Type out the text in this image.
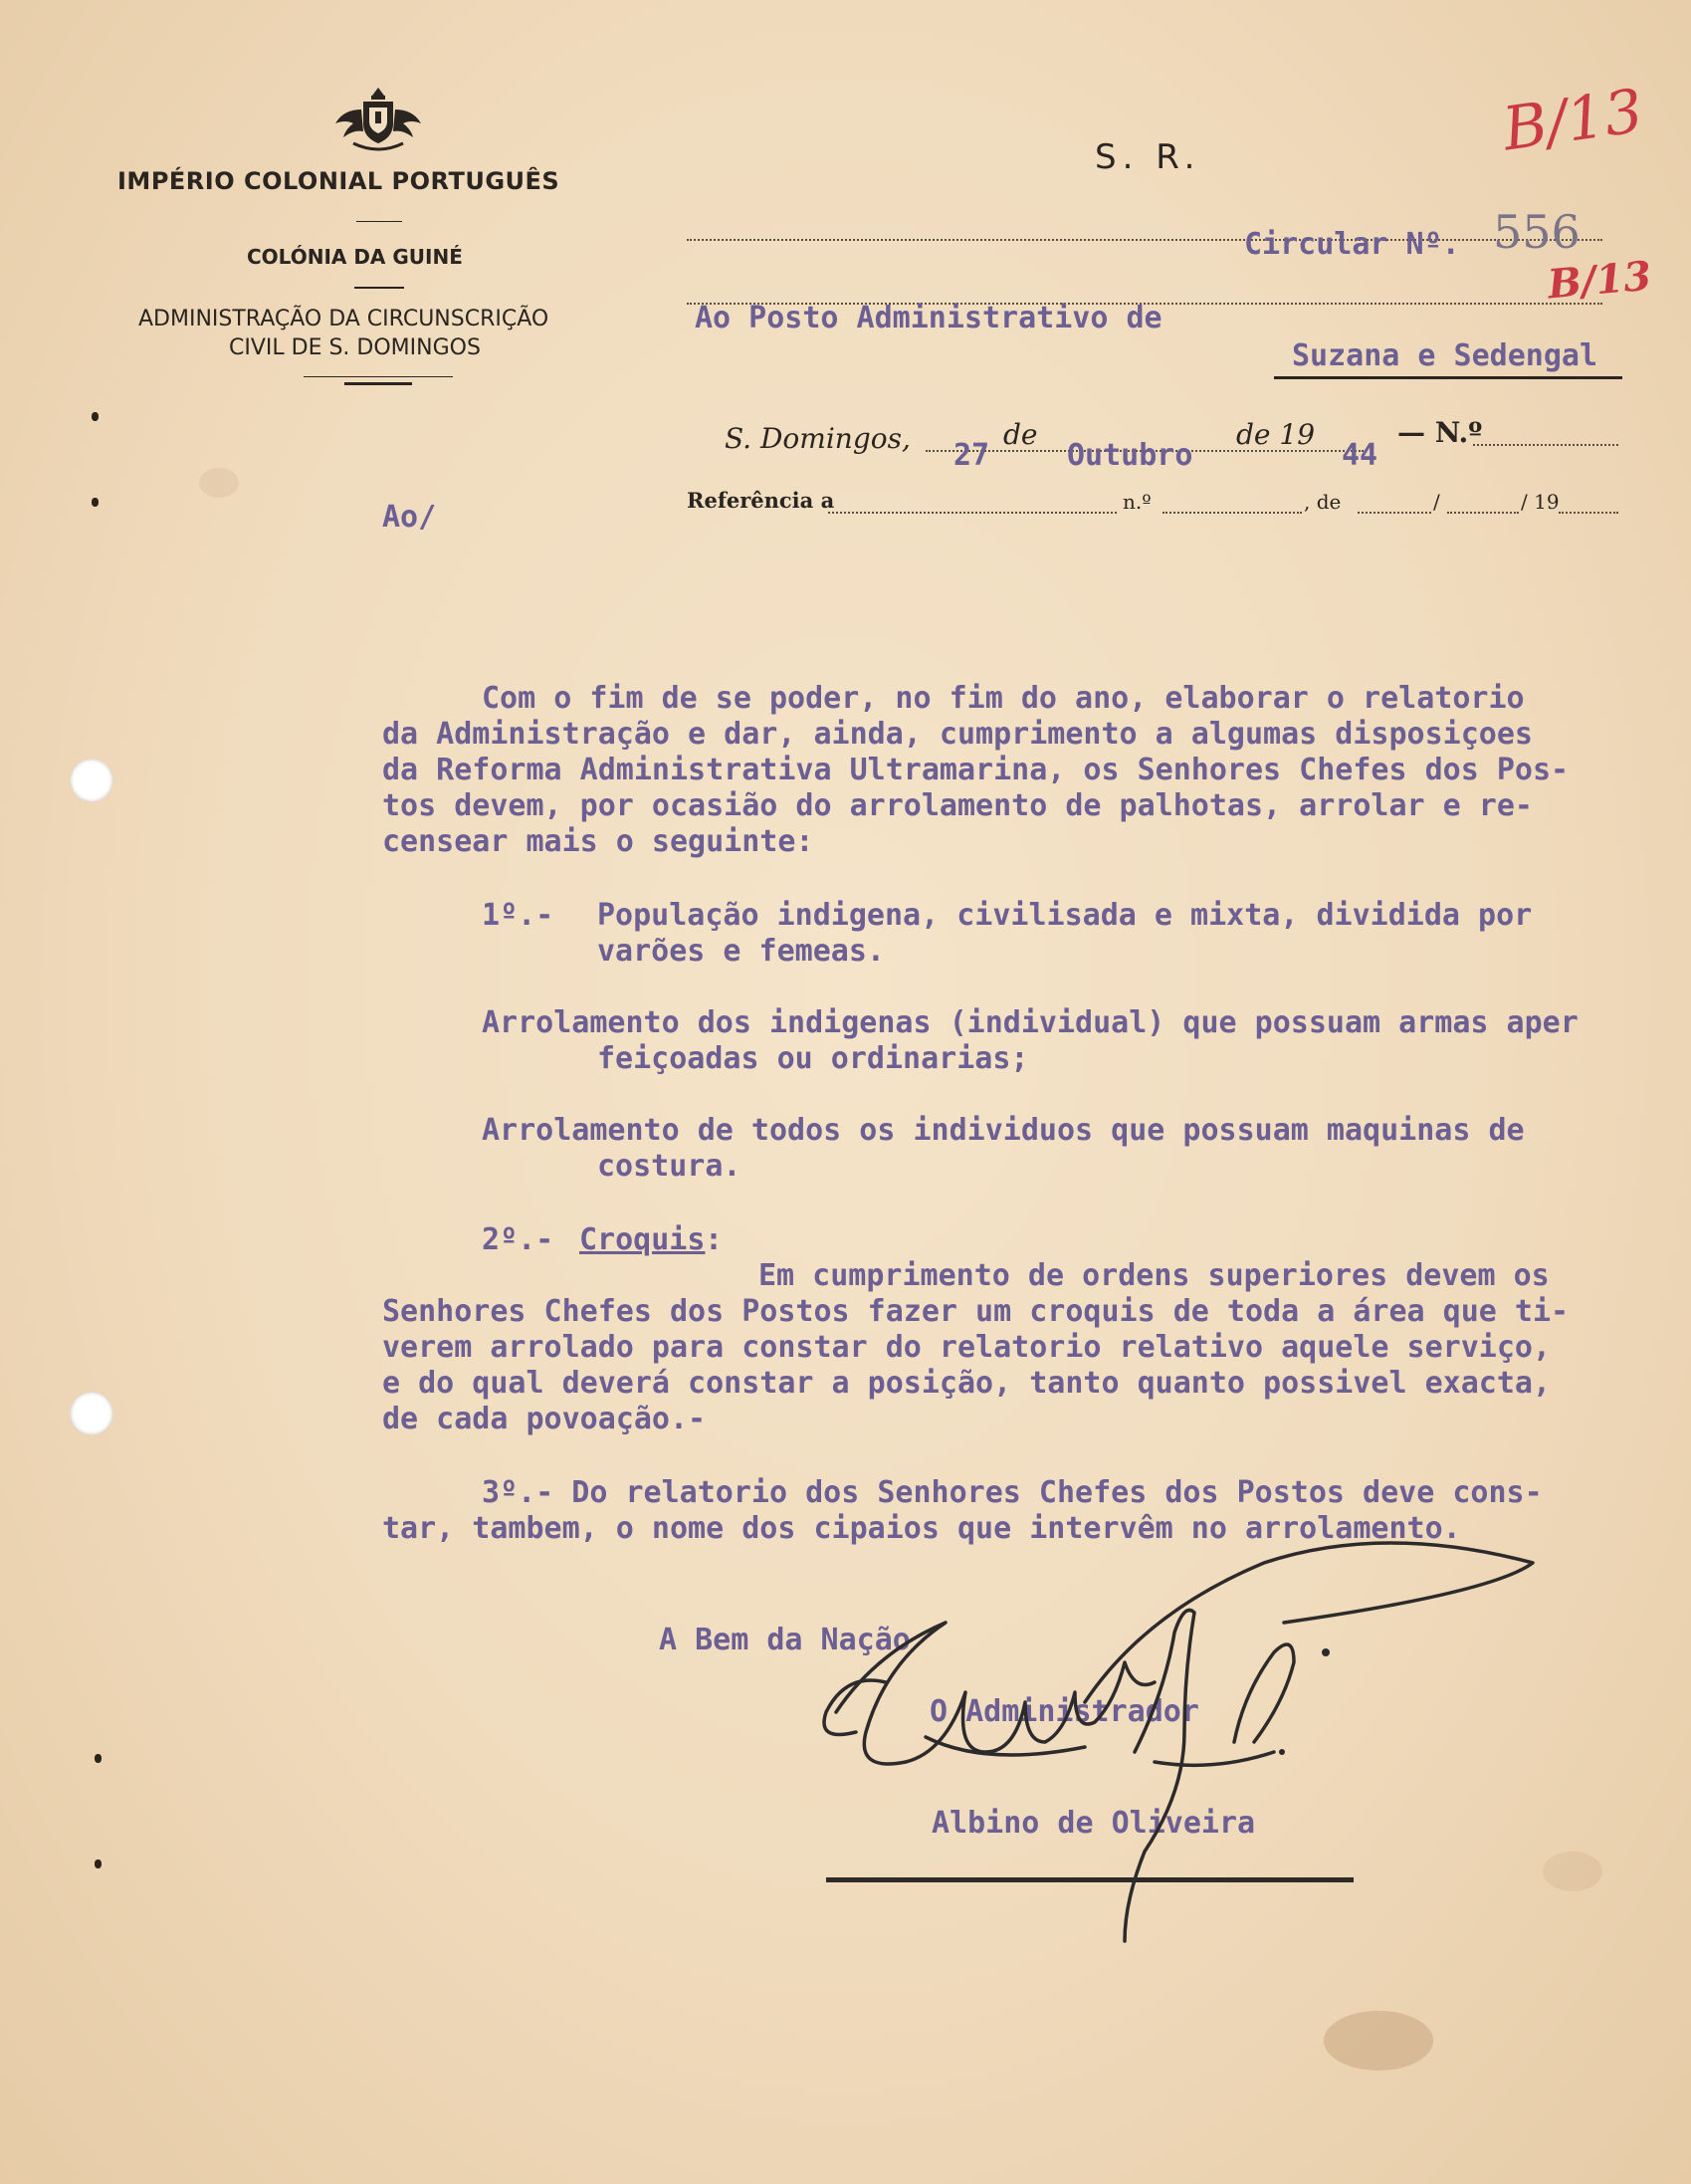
IMPÉRIO COLONIAL PORTUGUÊS
COLÓNIA DA GUINÉ
ADMINISTRAÇÃO DA CIRCUNSCRIÇÃO
CIVIL DE S. DOMINGOS
S. R.	B/13
B/13
Circular Nº. 556
Ao Posto Administrativo de
Suzana e Sedengal
S. Domingos, 27
de
Outubro
de 19
44
— N.º
Referência a	n.º	, de	/	/ 19
Ao/
Com o fim de se poder, no fim do ano, elaborar o relatorio
da Administração e dar, ainda, cumprimento a algumas disposiçoes
da Reforma Administrativa Ultramarina, os Senhores Chefes dos Pos-
tos devem, por ocasião do arrolamento de palhotas, arrolar e re-
censear mais o seguinte:
1º.- População indigena, civilisada e mixta, dividida por
varões e femeas.
Arrolamento dos indigenas (individual) que possuam armas aper
feiçoadas ou ordinarias;
Arrolamento de todos os individuos que possuam maquinas de
costura.
2º.- Croquis :
Em cumprimento de ordens superiores devem os
Senhores Chefes dos Postos fazer um croquis de toda a área que ti-
verem arrolado para constar do relatorio relativo aquele serviço,
e do qual deverá constar a posição, tanto quanto possivel exacta,
de cada povoação.-
3º.- Do relatorio dos Senhores Chefes dos Postos deve cons-
tar, tambem, o nome dos cipaios que intervêm no arrolamento.
A Bem da Nação
O Administrador
Albino de Oliveira
